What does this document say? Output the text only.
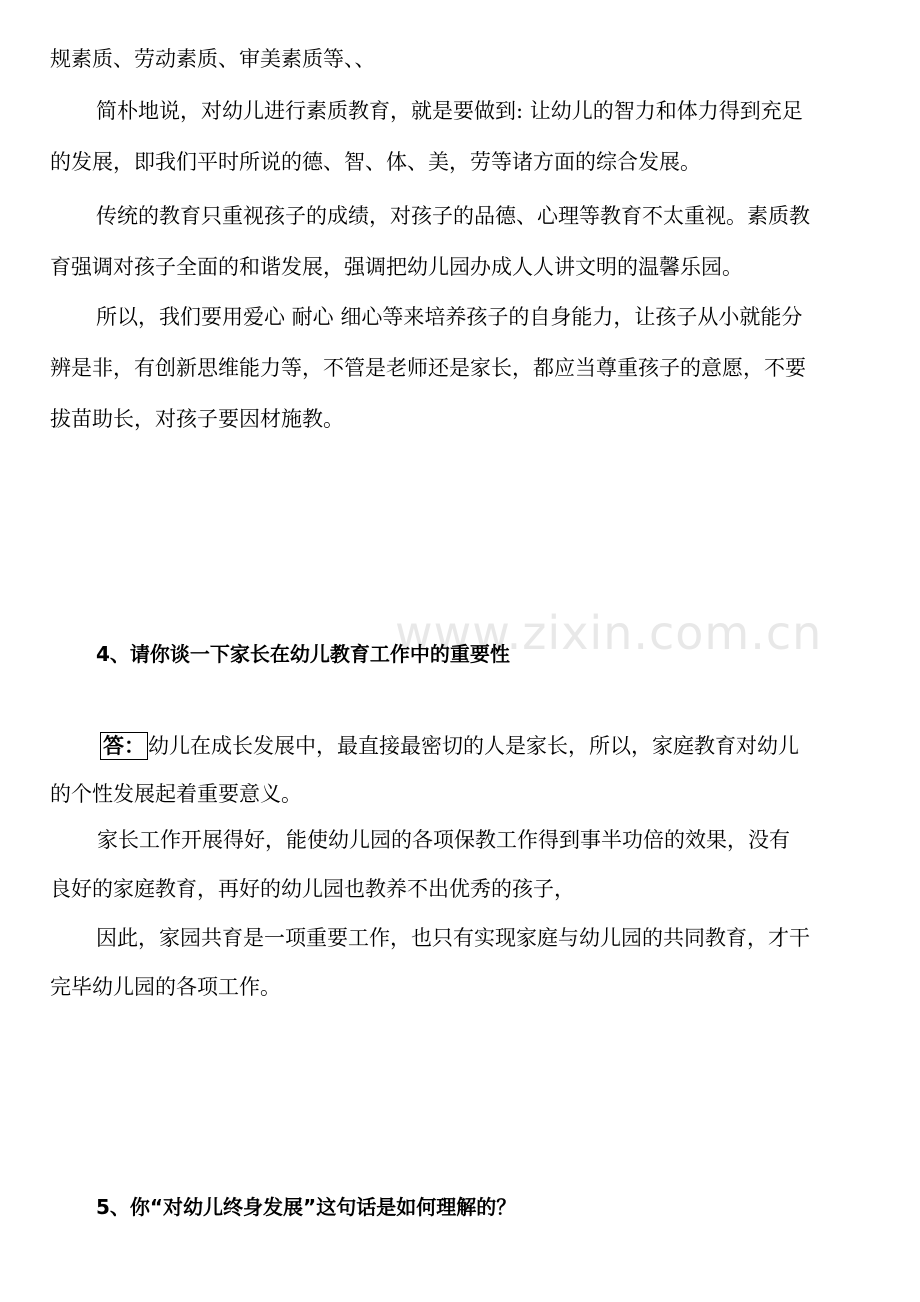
www.zixin.com.cn
规素质、劳动素质、审美素质等、、
简朴地说，对幼儿进行素质教育，就是要做到: 让幼儿的智力和体力得到充足
的发展，即我们平时所说的德、智、体、美，劳等诸方面的综合发展。
传统的教育只重视孩子的成绩，对孩子的品德、心理等教育不太重视。素质教
育强调对孩子全面的和谐发展，强调把幼儿园办成人人讲文明的温馨乐园。
所以，我们要用爱心 耐心 细心等来培养孩子的自身能力，让孩子从小就能分
辨是非，有创新思维能力等，不管是老师还是家长，都应当尊重孩子的意愿，不要
拔苗助长，对孩子要因材施教。
4、请你谈一下家长在幼儿教育工作中的重要性
答： 幼儿在成长发展中，最直接最密切的人是家长，所以，家庭教育对幼儿
的个性发展起着重要意义。
家长工作开展得好，能使幼儿园的各项保教工作得到事半功倍的效果，没有
良好的家庭教育，再好的幼儿园也教养不出优秀的孩子，
因此，家园共育是一项重要工作，也只有实现家庭与幼儿园的共同教育，才干
完毕幼儿园的各项工作。
5、你“对幼儿终身发展”这句话是如何理解的？
